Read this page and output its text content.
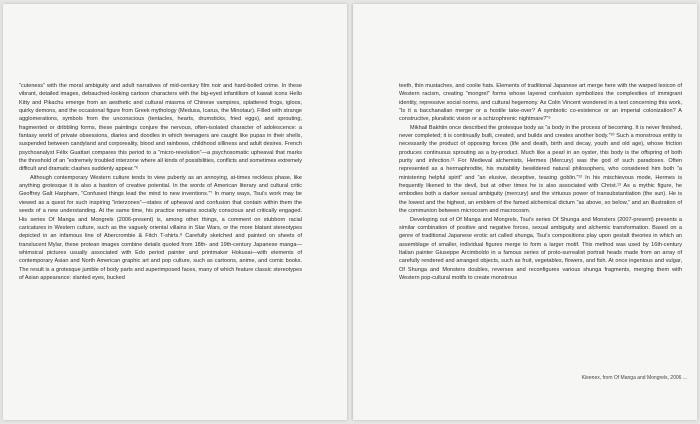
“cuteness” with the moral ambiguity and adult narratives of mid-century film noir and hard-boiled crime. In these vibrant, detailed images, debauched-looking cartoon characters with the big-eyed infantilism of kawaii icons Hello Kitty and Pikachu emerge from an aesthetic and cultural miasma of Chinese vampires, splattered frogs, igloos, quirky demons, and the occasional figure from Greek mythology (Medusa, Icarus, the Minotaur). Filled with strange agglomerations, symbols from the unconscious (tentacles, hearts, drumsticks, fried eggs), and sprouting, fragmented or dribbling forms, these paintings conjure the nervous, often-isolated character of adolescence: a fantasy world of private obsessions, diaries and doodles in which teenagers are caught like pupas in their shells, suspended between candyland and corporeality, blood and rainbows, childhood silliness and adult desires. French psychoanalyst Félix Guattari compares this period to a “micro-revolution”—a psychosomatic upheaval that marks the threshold of an “extremely troubled interzone where all kinds of possibilities, conflicts and sometimes extremely difficult and dramatic clashes suddenly appear.”⁶

Although contemporary Western culture tends to view puberty as an annoying, at-times reckless phase, like anything grotesque it is also a bastion of creative potential. In the words of American literary and cultural critic Geoffrey Galt Harpham, “Confused things lead the mind to new inventions.”⁷ In many ways, Tsui’s work may be viewed as a quest for such inspiring “interzones”—states of upheaval and confusion that contain within them the seeds of a new understanding. At the same time, his practice remains socially conscious and critically engaged. His series Of Manga and Mongrels (2006-present) is, among other things, a comment on stubborn racial caricatures in Western culture, such as the vaguely oriental villains in Star Wars, or the more blatant stereotypes depicted in an infamous line of Abercrombie & Fitch T-shirts.⁸ Carefully sketched and painted on sheets of translucent Mylar, these protean images combine details quoted from 18th- and 19th-century Japanese manga—whimsical pictures usually associated with Edo period painter and printmaker Hokusai—with elements of contemporary Asian and North American graphic art and pop culture, such as cartoons, anime, and comic books. The result is a grotesque jumble of body parts and superimposed faces, many of which feature classic stereotypes of Asian appearance: slanted eyes, bucked

teeth, thin mustaches, and coolie hats. Elements of traditional Japanese art merge here with the warped lexicon of Western racism, creating “mongrel” forms whose layered confusion symbolizes the complexities of immigrant identity, repressive social norms, and cultural hegemony. As Colin Vincent wondered in a text concerning this work, “Is it a bacchanalian merger or a hostile take-over? A symbiotic co-existence or an imperial colonization? A constructive, pluralistic vision or a schizophrenic nightmare?”⁹

Mikhail Bakhtin once described the grotesque body as “a body in the process of becoming. It is never finished, never completed; it is continually built, created, and builds and creates another body.”¹⁰ Such a monstrous entity is necessarily the product of opposing forces (life and death, birth and decay, youth and old age), whose friction produces continuous sprouting as a by-product. Much like a pearl in an oyster, this body is the offspring of both purity and infection.¹¹ For Medieval alchemists, Hermes (Mercury) was the god of such paradoxes. Often represented as a hermaphrodite, his mutability bewildered natural philosophers, who considered him both “a ministering helpful spirit” and “an elusive, deceptive, teasing goblin.”¹² In his mischievous mode, Hermes is frequently likened to the devil, but at other times he is also associated with Christ.¹³ As a mythic figure, he embodies both a darker sexual ambiguity (mercury) and the virtuous power of transubstantiation (the sun). He is the lowest and the highest, an emblem of the famed alchemical dictum “as above, so below,” and an illustration of the communion between microcosm and macrocosm.

Developing out of Of Manga and Mongrels, Tsui’s series Of Shunga and Monsters (2007-present) presents a similar combination of positive and negative forces, sexual ambiguity and alchemic transformation. Based on a genre of traditional Japanese erotic art called shunga, Tsui’s compositions play upon gestalt theories in which an assemblage of smaller, individual figures merge to form a larger motif. This method was used by 16th-century Italian painter Giuseppe Arcimboldo in a famous series of proto-surrealist portrait heads made from an array of carefully rendered and arranged objects, such as fruit, vegetables, flowers, and fish. At once ingenious and vulgar, Of Shunga and Monsters doubles, reverses and reconfigures various shunga fragments, merging them with Western pop-cultural motifs to create monstrous

Kleenex, from Of Manga and Mongrels, 2006 ...
